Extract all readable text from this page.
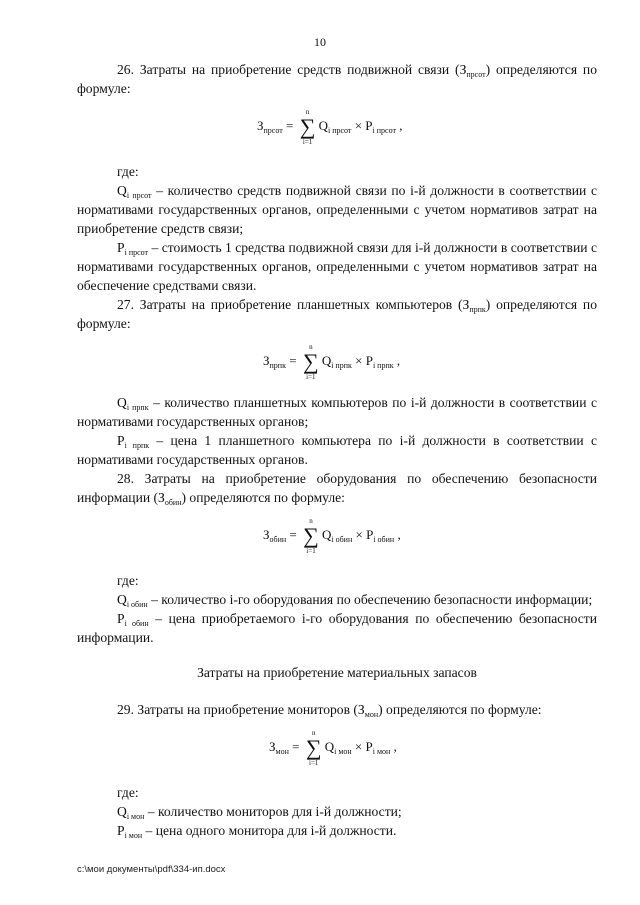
10

26. Затраты на приобретение средств подвижной связи $(З_{прсот})$ определяются по формуле:

$З_{прсот}$ =
n
∑
i=1
$Q_{i прсот} \times P_{i прсот}$ ,

где:

$Q_{i прсот}$ – количество средств подвижной связи по i-й должности в соответствии с нормативами государственных органов, определенными с учетом нормативов затрат на приобретение средств связи;

$P_{i прсот}$ – стоимость 1 средства подвижной связи для i-й должности в соответствии с нормативами государственных органов, определенными с учетом нормативов затрат на обеспечение средствами связи.

27. Затраты на приобретение планшетных компьютеров $(З_{прпк})$ определяются по формуле:

$З_{прпк}$ =
n
∑
i=1
$Q_{i прпк} \times P_{i прпк}$ ,

$Q_{i прпк}$ – количество планшетных компьютеров по i-й должности в соответствии с нормативами государственных органов;

$P_{i прпк}$ – цена 1 планшетного компьютера по i-й должности в соответствии с нормативами государственных органов.

28. Затраты на приобретение оборудования по обеспечению безопасности информации $(З_{обин})$ определяются по формуле:

$З_{обин}$ =
n
∑
i=1
$Q_{i обин} \times P_{i обин}$ ,

где:

$Q_{i обин}$ – количество i-го оборудования по обеспечению безопасности информации;

$P_{i обин}$ – цена приобретаемого i-го оборудования по обеспечению безопасности информации.

Затраты на приобретение материальных запасов

29. Затраты на приобретение мониторов $(З_{мон})$ определяются по формуле:

$З_{мон}$ =
n
∑
i=1
$Q_{i мон} \times P_{i мон}$ ,

где:

$Q_{i мон}$ – количество мониторов для i-й должности;

$P_{i мон}$ – цена одного монитора для i-й должности.

c:\мои документы\pdf\334-ип.docx
